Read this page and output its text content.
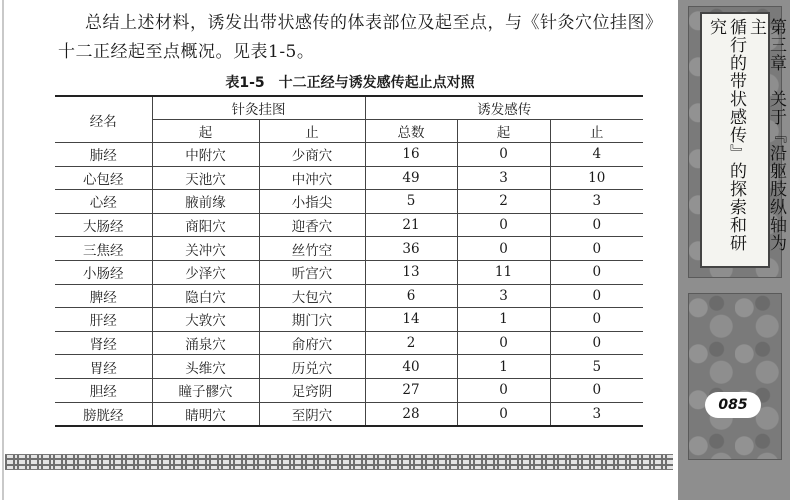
总结上述材料，诱发出带状感传的体表部位及起至点，与《针灸穴位挂图》
十二正经起至点概况。见表1-5。
表1-5　十二正经与诱发感传起止点对照
经名	针灸挂图		诱发感传		
	起	止	总数	起	止
肺经	中附穴	少商穴	16	0	4
心包经	天池穴	中冲穴	49	3	10
心经	腋前缘	小指尖	5	2	3
大肠经	商阳穴	迎香穴	21	0	0
三焦经	关冲穴	丝竹空	36	0	0
小肠经	少泽穴	听宫穴	13	11	0
脾经	隐白穴	大包穴	6	3	0
肝经	大敦穴	期门穴	14	1	0
肾经	涌泉穴	俞府穴	2	0	0
胃经	头维穴	历兑穴	40	1	5
胆经	瞳子髎穴	足窍阴	27	0	0
膀胱经	睛明穴	至阴穴	28	0	3
第三章　关于『沿躯肢纵轴为主
循行的带状感传』的探索和研究
085
